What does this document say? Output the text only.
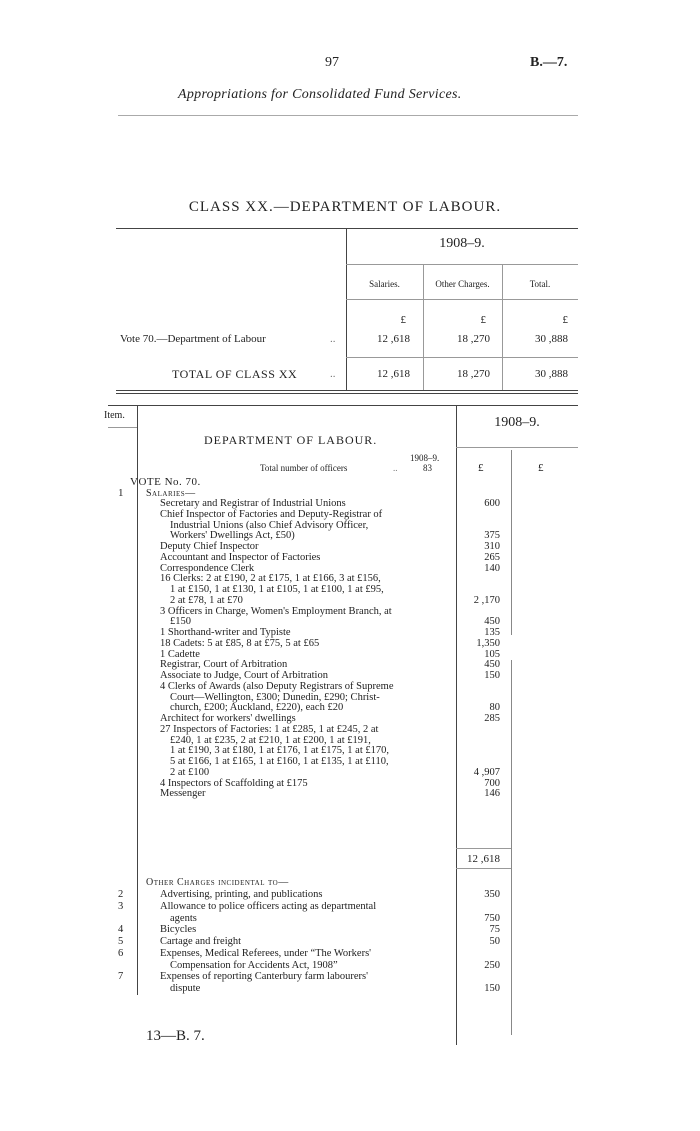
97	B.—7.
Appropriations for Consolidated Fund Services.
CLASS XX.—DEPARTMENT OF LABOUR.
1908–9.
Salaries.	Other Charges.	Total.
£	£	£
Vote 70.—Department of Labour	..	12 ,618	18 ,270	30 ,888
TOTAL OF CLASS XX	..	12 ,618	18 ,270	30 ,888
Item.	1908–9.
DEPARTMENT OF LABOUR.
1908–9.
Total number of officers	..	83	£	£
VOTE No. 70.
1 Salaries—
Secretary and Registrar of Industrial Unions	600
Chief Inspector of Factories and Deputy-Registrar of
Industrial Unions (also Chief Advisory Officer,
Workers' Dwellings Act, £50)	375
Deputy Chief Inspector	310
Accountant and Inspector of Factories	265
Correspondence Clerk	140
16 Clerks: 2 at £190, 2 at £175, 1 at £166, 3 at £156,
1 at £150, 1 at £130, 1 at £105, 1 at £100, 1 at £95,
2 at £78, 1 at £70	2 ,170
3 Officers in Charge, Women's Employment Branch, at
£150	450
1 Shorthand-writer and Typiste	135
18 Cadets: 5 at £85, 8 at £75, 5 at £65	1,350
1 Cadette	105
Registrar, Court of Arbitration	450
Associate to Judge, Court of Arbitration	150
4 Clerks of Awards (also Deputy Registrars of Supreme
Court—Wellington, £300; Dunedin, £290; Christ-
church, £200; Auckland, £220), each £20	80
Architect for workers' dwellings	285
27 Inspectors of Factories: 1 at £285, 1 at £245, 2 at
£240, 1 at £235, 2 at £210, 1 at £200, 1 at £191,
1 at £190, 3 at £180, 1 at £176, 1 at £175, 1 at £170,
5 at £166, 1 at £165, 1 at £160, 1 at £135, 1 at £110,
2 at £100	4 ,907
4 Inspectors of Scaffolding at £175	700
Messenger	146
12 ,618
Other Charges incidental to—
2	Advertising, printing, and publications	350
3	Allowance to police officers acting as departmental
agents	750
4	Bicycles	75
5	Cartage and freight	50
6	Expenses, Medical Referees, under “The Workers'
Compensation for Accidents Act, 1908”	250
7	Expenses of reporting Canterbury farm labourers'
dispute	150
13—B. 7.
